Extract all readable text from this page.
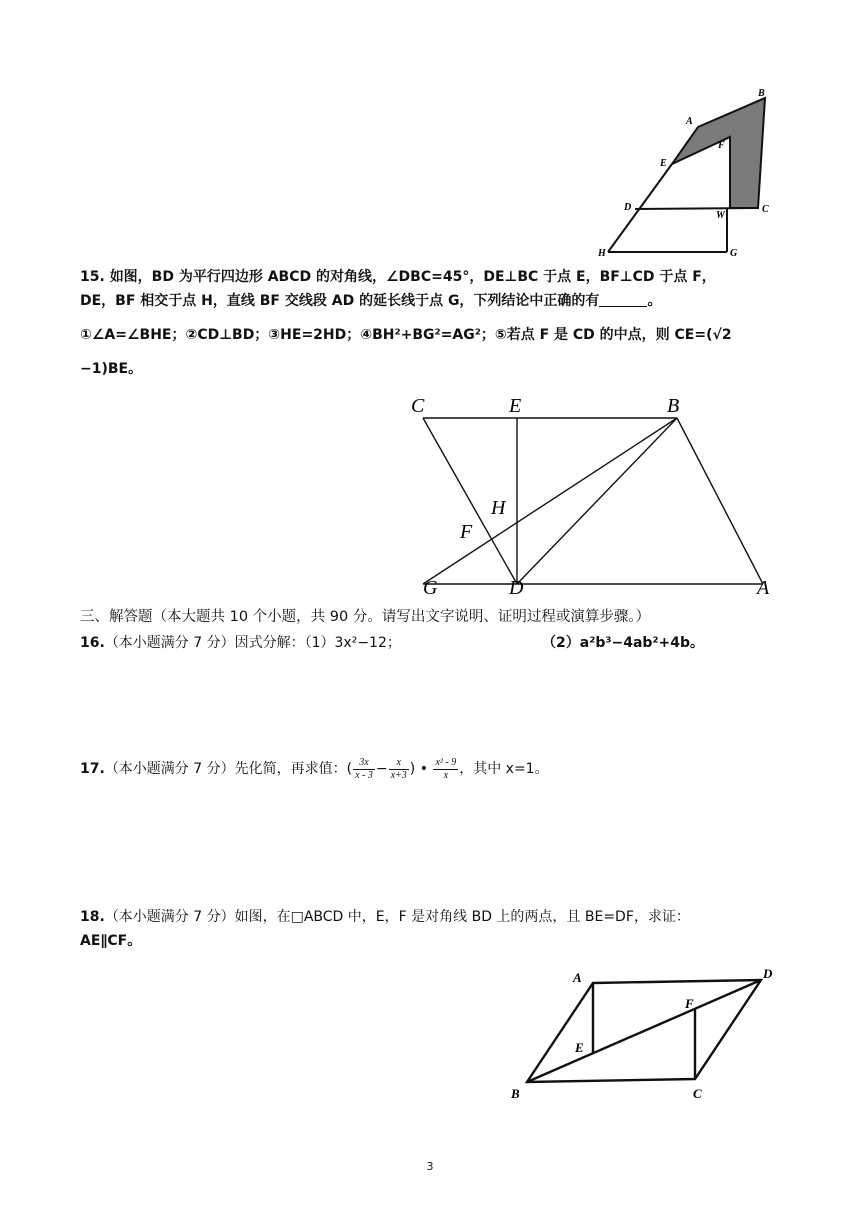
A
B
E
F
D
W
C
H	G
15. 如图，BD 为平行四边形 ABCD 的对角线，∠DBC=45°，DE⊥BC 于点 E，BF⊥CD 于点 F，
DE，BF 相交于点 H，直线 BF 交线段 AD 的延长线于点 G，下列结论中正确的有	。
①∠A=∠BHE；②CD⊥BD；③HE=2HD；④BH²+BG²=AG²；⑤若点 F 是 CD 的中点，则 CE=(√2
−1)BE。
C	E	B
H
F
G	D	A
三、解答题（本大题共 10 个小题，共 90 分。请写出文字说明、证明过程或演算步骤。）
16.（本小题满分 7 分）因式分解：（1）3x²−12；	（2）a²b³−4ab²+4b。
17.（本小题满分 7 分）先化简，再求值：( $\frac{3x}{x - 3} - \frac{x}{x+3}$ ) • $\frac{\text{x² - 9}}{x}$ ，其中 x=1。
18.（本小题满分 7 分）如图，在□ABCD 中，E，F 是对角线 BD 上的两点，且 BE=DF，求证：
AE∥CF。
A	D
F
E
B	C
3
